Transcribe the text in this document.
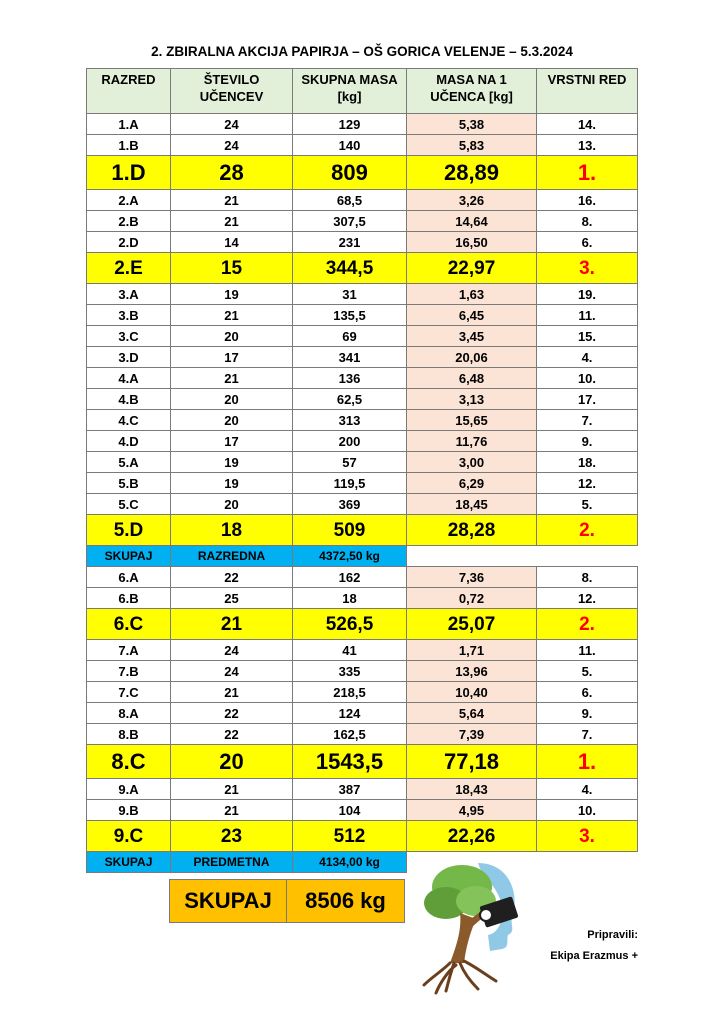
2. ZBIRALNA AKCIJA PAPIRJA – OŠ GORICA VELENJE – 5.3.2024
RAZRED	ŠTEVILO UČENCEV	SKUPNA MASA [kg]	MASA NA 1 UČENCA [kg]	VRSTNI RED
1.A	24	129	5,38	14.
1.B	24	140	5,83	13.
1.D	28	809	28,89	1.
2.A	21	68,5	3,26	16.
2.B	21	307,5	14,64	8.
2.D	14	231	16,50	6.
2.E	15	344,5	22,97	3.
3.A	19	31	1,63	19.
3.B	21	135,5	6,45	11.
3.C	20	69	3,45	15.
3.D	17	341	20,06	4.
4.A	21	136	6,48	10.
4.B	20	62,5	3,13	17.
4.C	20	313	15,65	7.
4.D	17	200	11,76	9.
5.A	19	57	3,00	18.
5.B	19	119,5	6,29	12.
5.C	20	369	18,45	5.
5.D	18	509	28,28	2.
SKUPAJ	RAZREDNA	4372,50 kg		
6.A	22	162	7,36	8.
6.B	25	18	0,72	12.
6.C	21	526,5	25,07	2.
7.A	24	41	1,71	11.
7.B	24	335	13,96	5.
7.C	21	218,5	10,40	6.
8.A	22	124	5,64	9.
8.B	22	162,5	7,39	7.
8.C	20	1543,5	77,18	1.
9.A	21	387	18,43	4.
9.B	21	104	4,95	10.
9.C	23	512	22,26	3.
SKUPAJ	PREDMETNA	4134,00 kg		
SKUPAJ	8506 kg
Pripravili:
Ekipa Erazmus +
